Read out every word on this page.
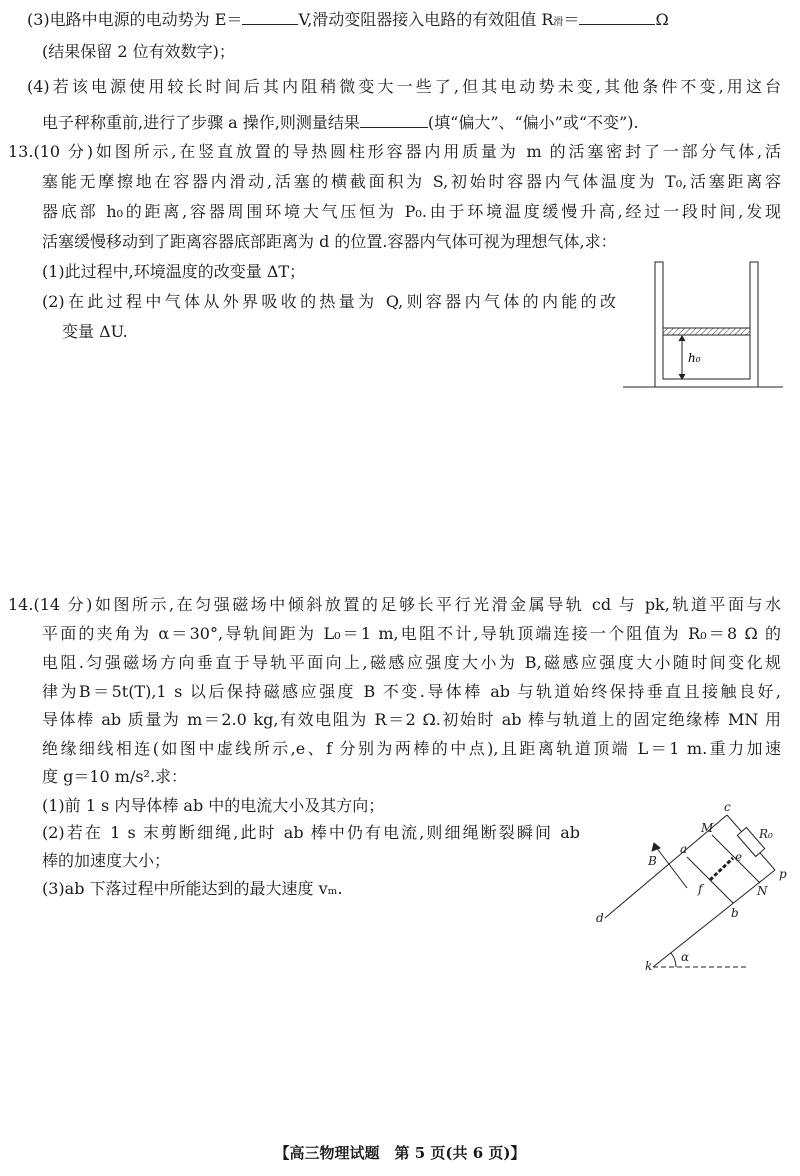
(3)电路中电源的电动势为 E＝	V,滑动变阻器接入电路的有效阻值 R滑＝	Ω
(结果保留 2 位有效数字)；
(4)若该电源使用较长时间后其内阻稍微变大一些了,但其电动势未变,其他条件不变,用这台
电子秤称重前,进行了步骤 a 操作,则测量结果	(填“偏大”、“偏小”或“不变”).
13.(10 分)如图所示,在竖直放置的导热圆柱形容器内用质量为 m 的活塞密封了一部分气体,活
塞能无摩擦地在容器内滑动,活塞的横截面积为 S,初始时容器内气体温度为 T₀,活塞距离容
器底部 h₀的距离,容器周围环境大气压恒为 P₀.由于环境温度缓慢升高,经过一段时间,发现
活塞缓慢移动到了距离容器底部距离为 d 的位置.容器内气体可视为理想气体,求：
(1)此过程中,环境温度的改变量 ΔT；
(2)在此过程中气体从外界吸收的热量为 Q,则容器内气体的内能的改
变量 ΔU.
h₀
14.(14 分)如图所示,在匀强磁场中倾斜放置的足够长平行光滑金属导轨 cd 与 pk,轨道平面与水
平面的夹角为 α＝30°,导轨间距为 L₀＝1 m,电阻不计,导轨顶端连接一个阻值为 R₀＝8 Ω 的
电阻.匀强磁场方向垂直于导轨平面向上,磁感应强度大小为 B,磁感应强度大小随时间变化规
律为B＝5t(T),1 s 以后保持磁感应强度 B 不变.导体棒 ab 与轨道始终保持垂直且接触良好,
导体棒 ab 质量为 m＝2.0 kg,有效电阻为 R＝2 Ω.初始时 ab 棒与轨道上的固定绝缘棒 MN 用
绝缘细线相连(如图中虚线所示,e、f 分别为两棒的中点),且距离轨道顶端 L＝1 m.重力加速
度 g＝10 m/s².求：
(1)前 1 s 内导体棒 ab 中的电流大小及其方向；
(2)若在 1 s 末剪断细绳,此时 ab 棒中仍有电流,则细绳断裂瞬间 ab
棒的加速度大小；
(3)ab 下落过程中所能达到的最大速度 vₘ.
c
M	R₀
a
e
B
p
f	N
d	b
k
α
【高三物理试题　第 5 页(共 6 页)】
